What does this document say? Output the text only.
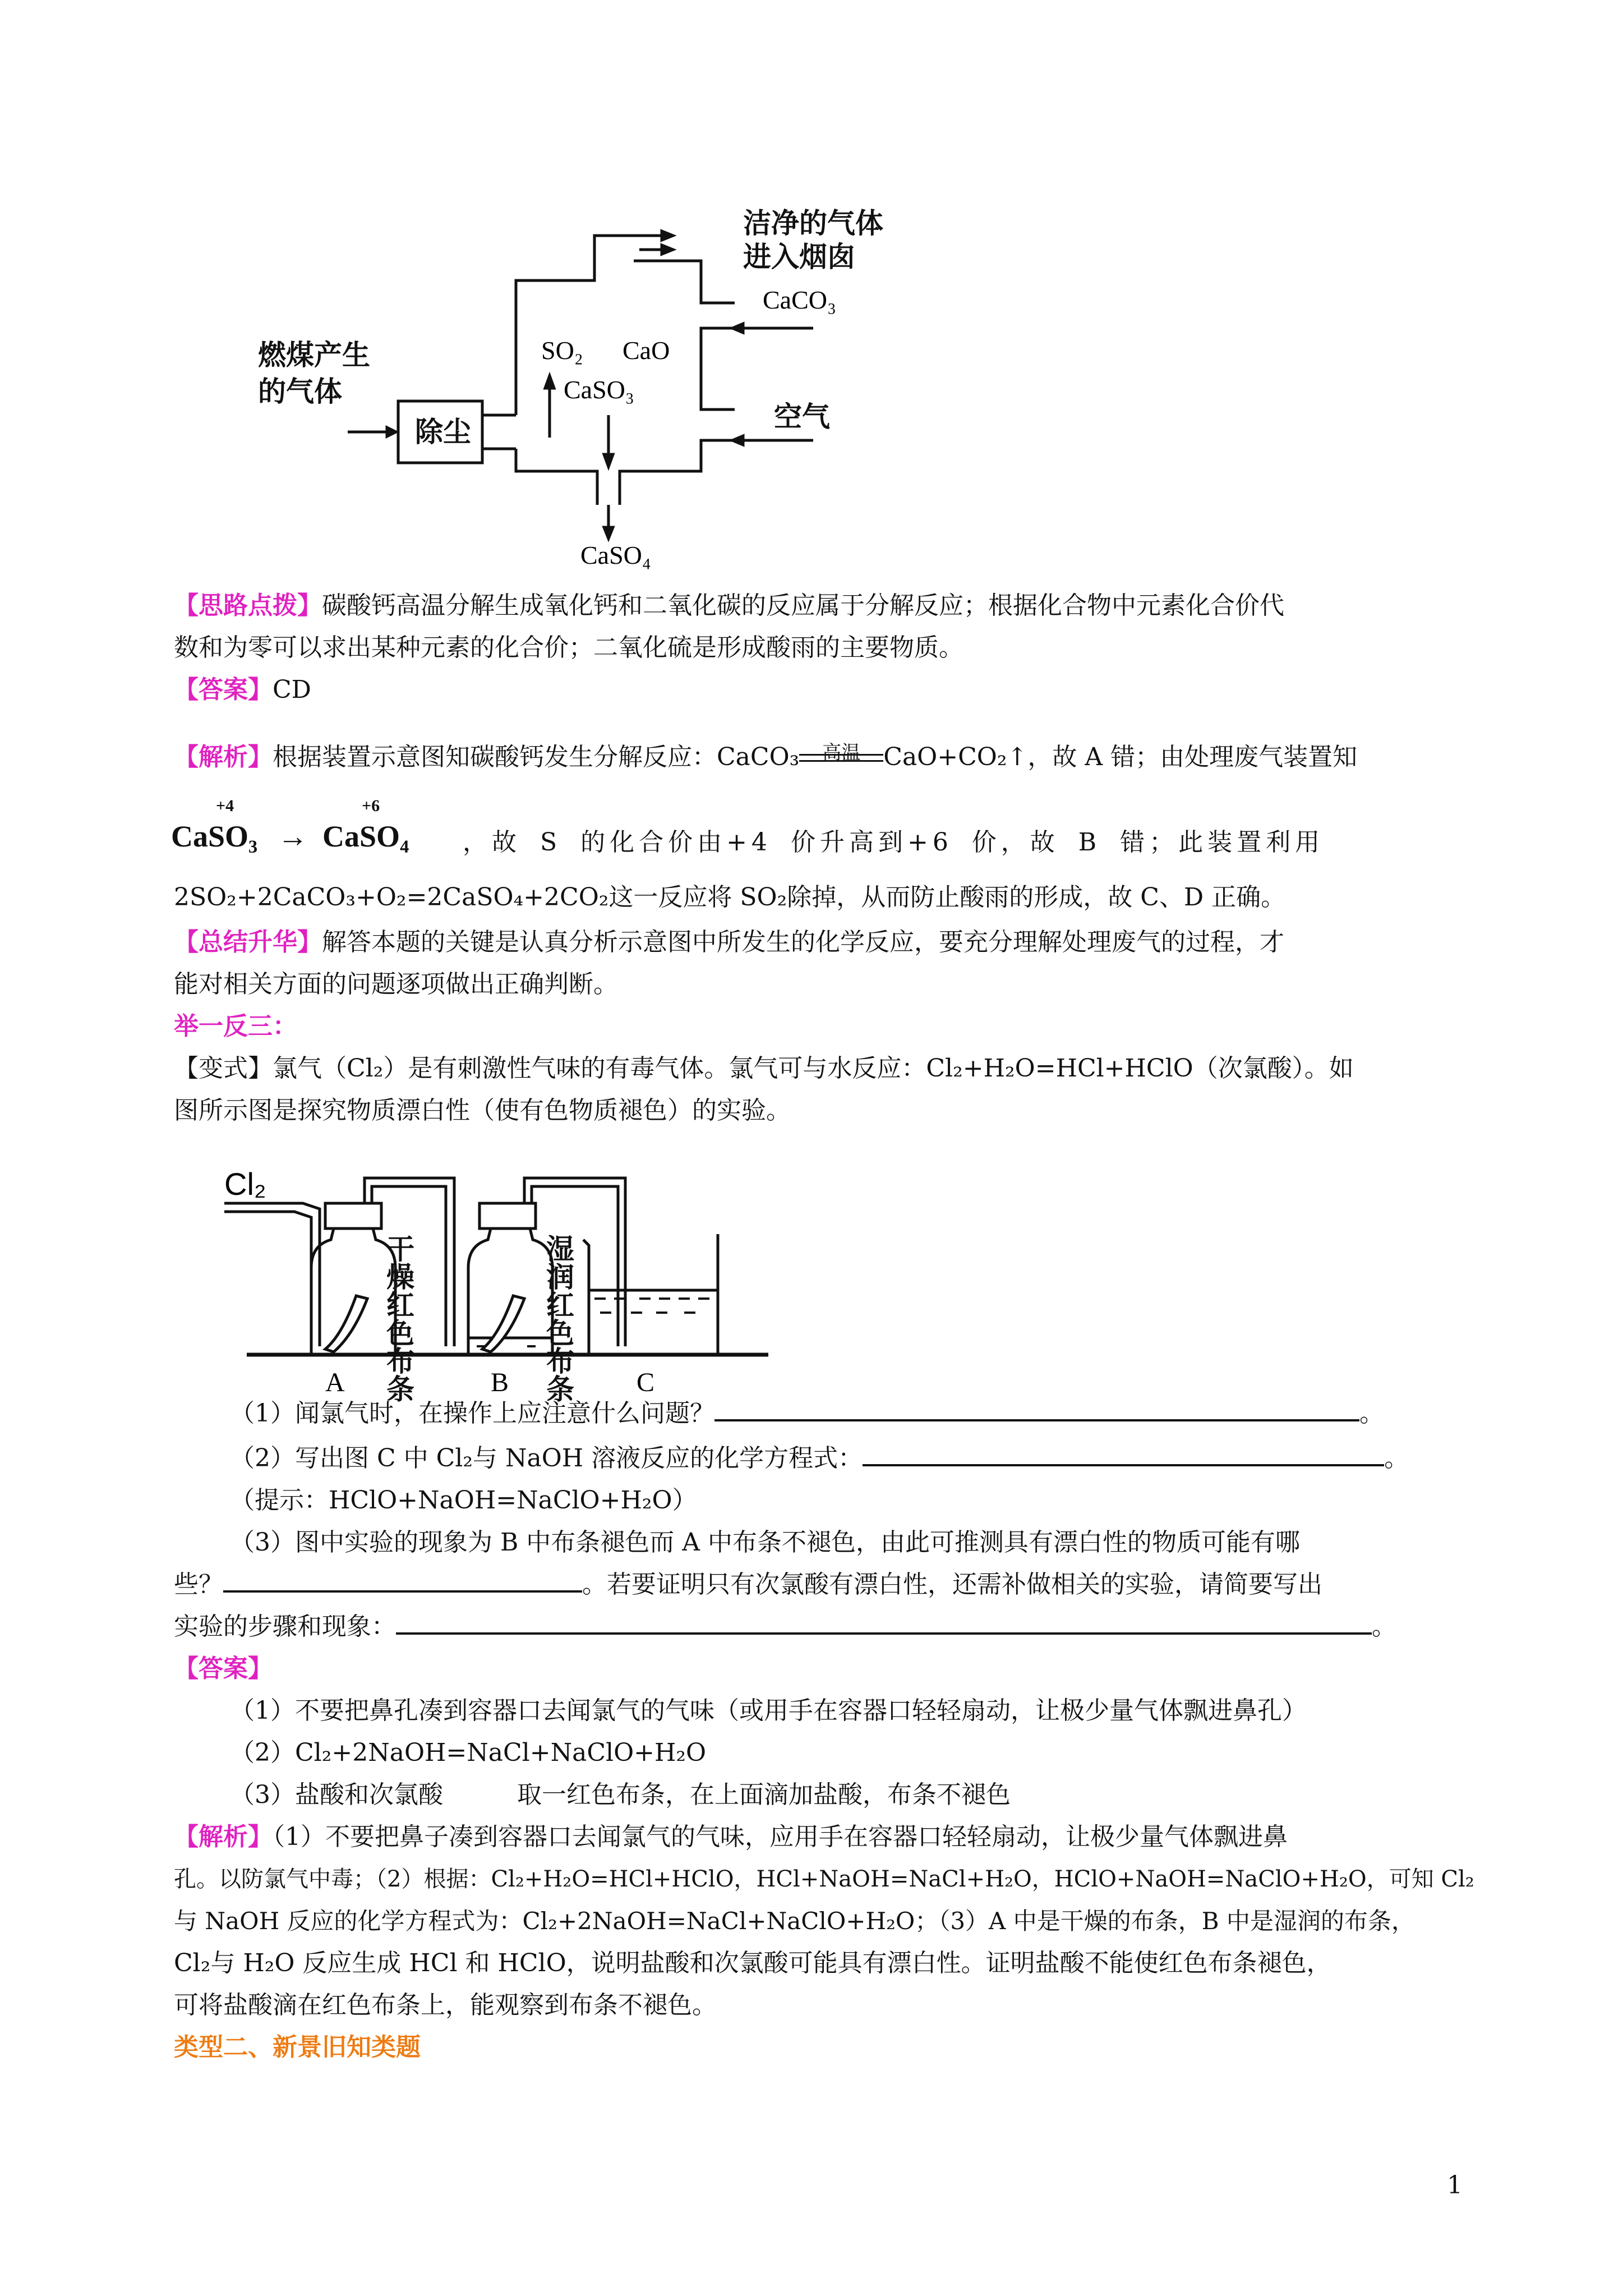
燃煤产生
的气体
除尘
SO₂ CaO
CaSO₃
洁净的气体
进入烟囱
CaCO₃
空气
CaSO₄
【思路点拨】碳酸钙高温分解生成氧化钙和二氧化碳的反应属于分解反应；根据化合物中元素化合价代
数和为零可以求出某种元素的化合价；二氧化硫是形成酸雨的主要物质。
【答案】CD
【解析】根据装置示意图知碳酸钙发生分解反应：CaCO₃	高温 CaO+CO₂↑，故 A 错；由处理废气装置知
+4	+6
CaSO₃ → CaSO₄ ，故 S 的化合价由+4 价升高到+6 价，故 B 错；此装置利用
2SO₂+2CaCO₃+O₂=2CaSO₄+2CO₂这一反应将 SO₂除掉，从而防止酸雨的形成，故 C、D 正确。
【总结升华】解答本题的关键是认真分析示意图中所发生的化学反应，要充分理解处理废气的过程，才
能对相关方面的问题逐项做出正确判断。
举一反三：
【变式】氯气（Cl₂）是有刺激性气味的有毒气体。氯气可与水反应：Cl₂+H₂O=HCl+HClO（次氯酸）。如
图所示图是探究物质漂白性（使有色物质褪色）的实验。
Cl₂
干燥红色布条	湿润红色布条
A	B	C
（1）闻氯气时，在操作上应注意什么问题？	。
（2）写出图 C 中 Cl₂与 NaOH 溶液反应的化学方程式：	。
（提示：HClO+NaOH=NaClO+H₂O）
（3）图中实验的现象为 B 中布条褪色而 A 中布条不褪色，由此可推测具有漂白性的物质可能有哪
些？	。若要证明只有次氯酸有漂白性，还需补做相关的实验，请简要写出
实验的步骤和现象：	。
【答案】
（1）不要把鼻孔凑到容器口去闻氯气的气味（或用手在容器口轻轻扇动，让极少量气体飘进鼻孔）
（2）Cl₂+2NaOH=NaCl+NaClO+H₂O
（3）盐酸和次氯酸　　　取一红色布条，在上面滴加盐酸，布条不褪色
【解析】（1）不要把鼻子凑到容器口去闻氯气的气味，应用手在容器口轻轻扇动，让极少量气体飘进鼻
孔。以防氯气中毒；（2）根据：Cl₂+H₂O=HCl+HClO，HCl+NaOH=NaCl+H₂O，HClO+NaOH=NaClO+H₂O，可知 Cl₂
与 NaOH 反应的化学方程式为：Cl₂+2NaOH=NaCl+NaClO+H₂O；（3）A 中是干燥的布条，B 中是湿润的布条，
Cl₂与 H₂O 反应生成 HCl 和 HClO，说明盐酸和次氯酸可能具有漂白性。证明盐酸不能使红色布条褪色，
可将盐酸滴在红色布条上，能观察到布条不褪色。
类型二、新景旧知类题
1
